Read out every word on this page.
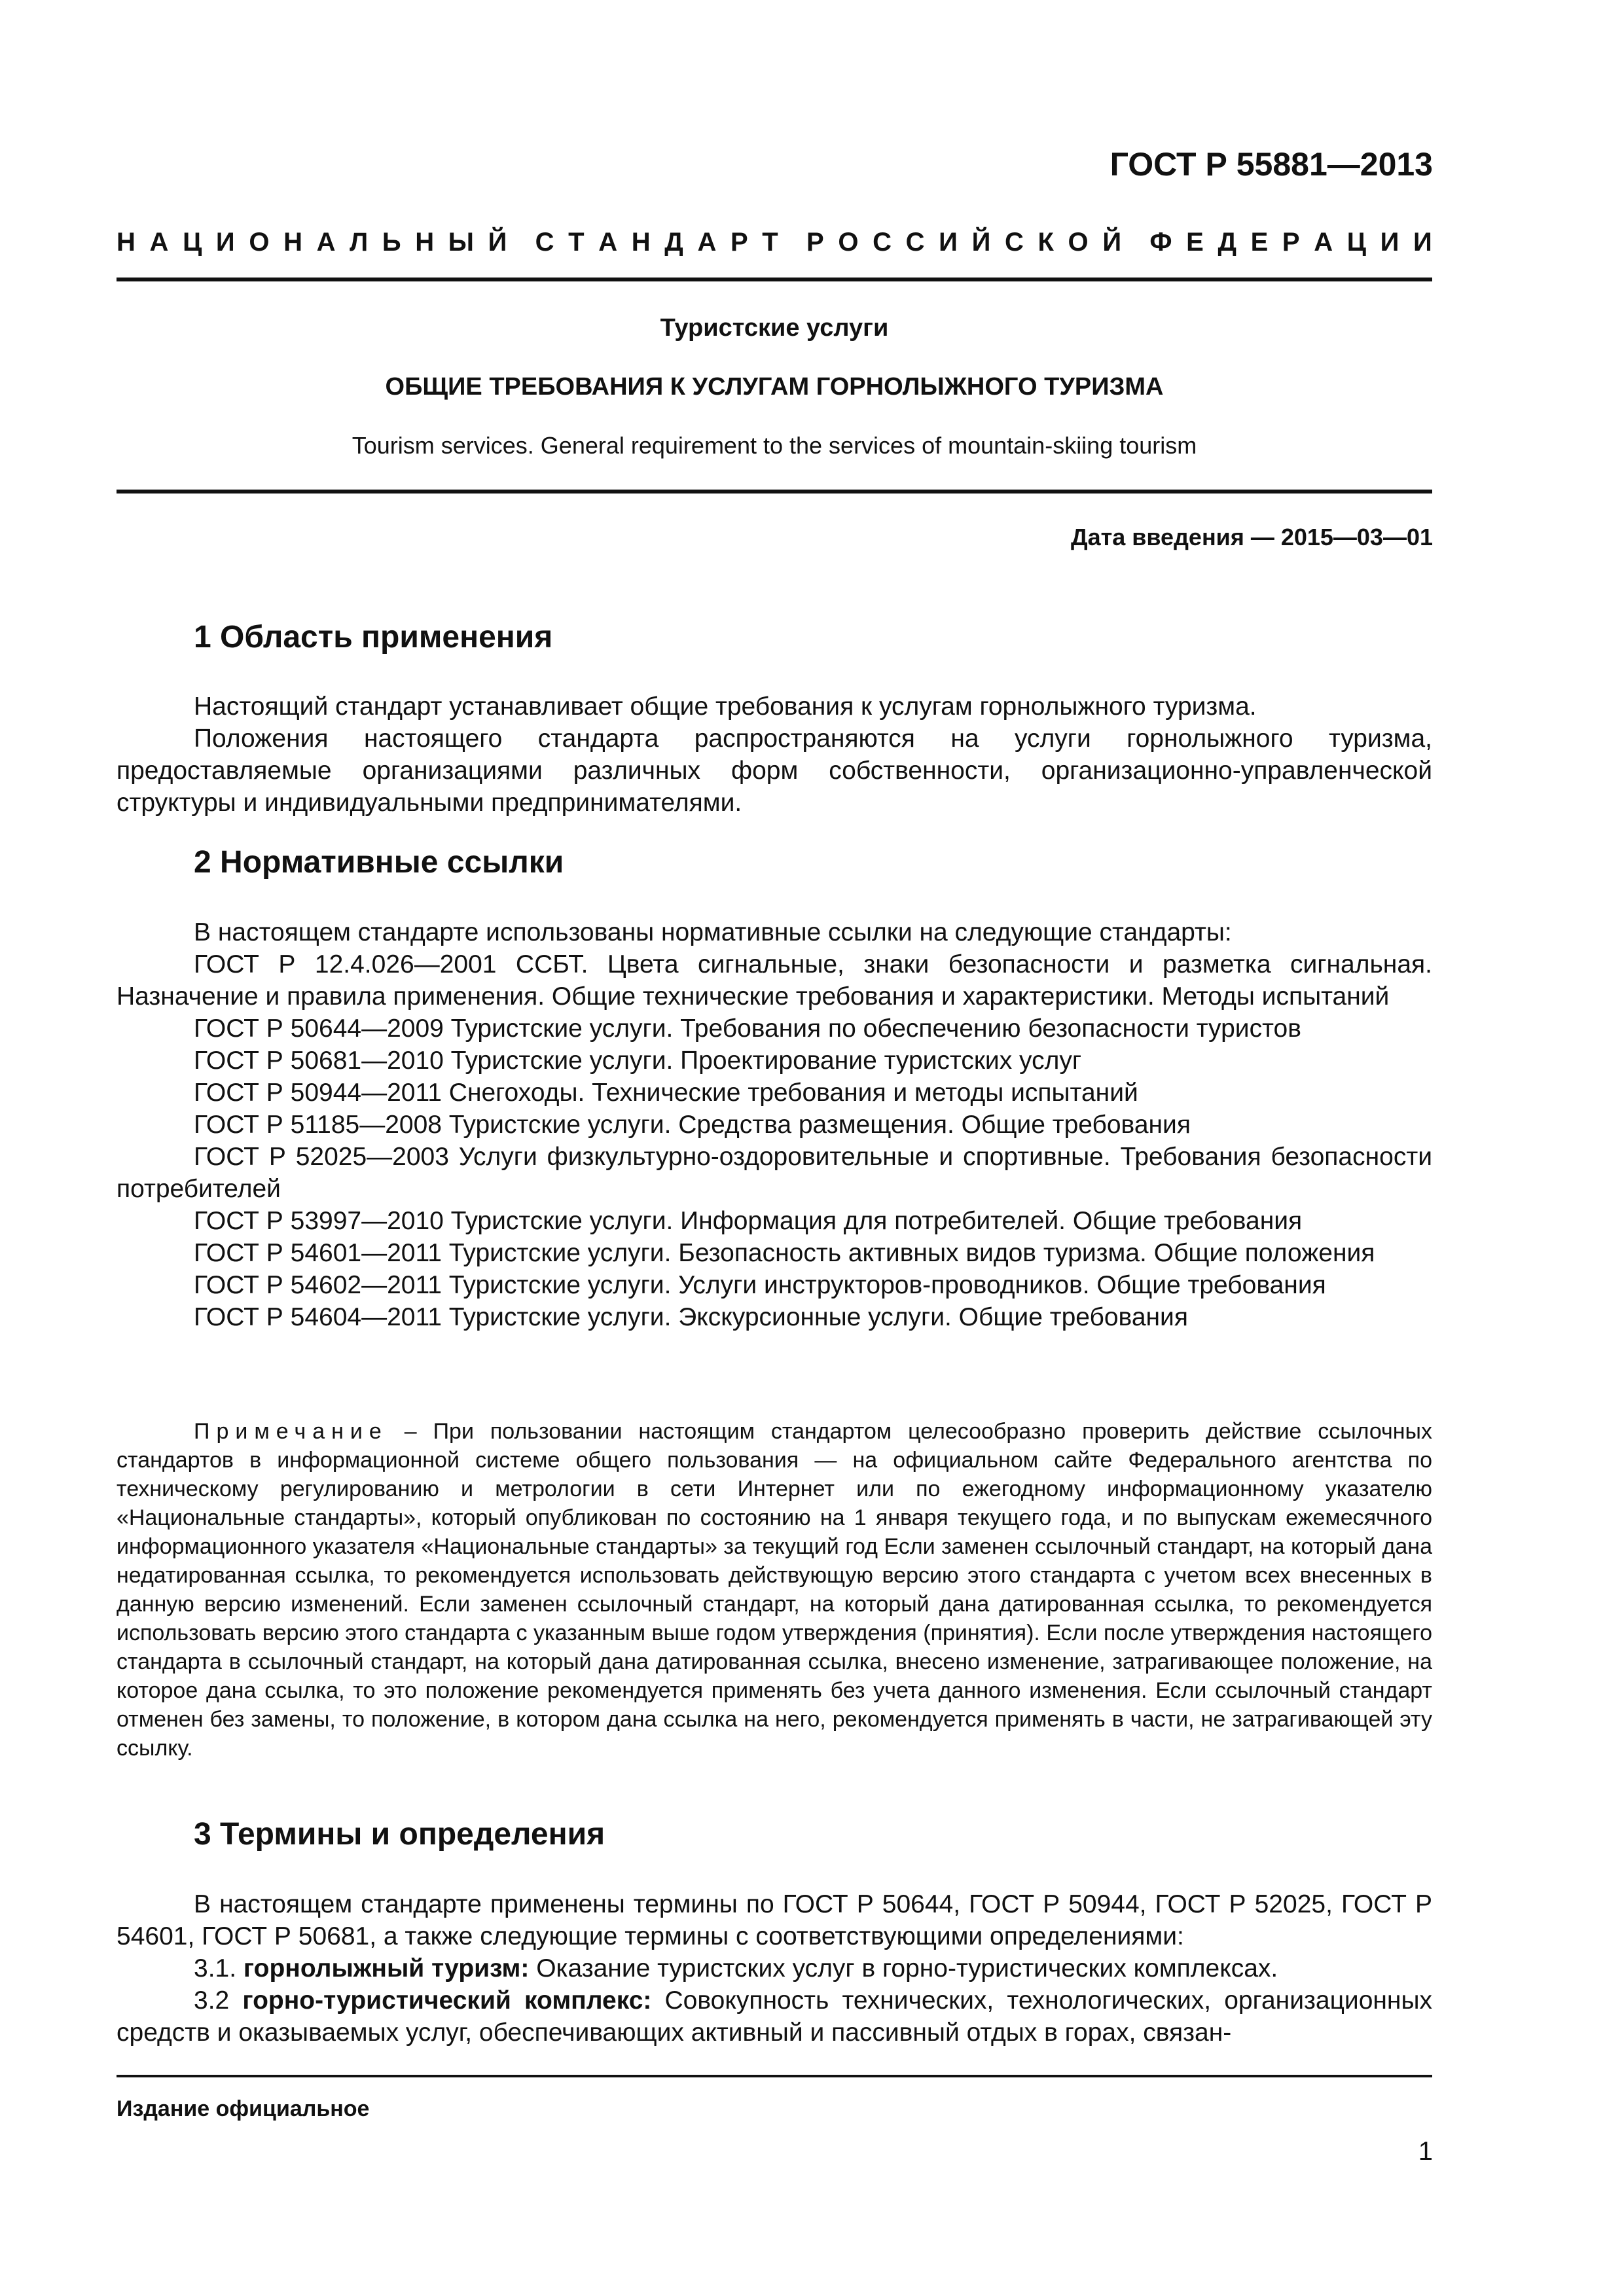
ГОСТ Р 55881—2013
Н А Ц И О Н А Л Ь Н Ы Й С Т А Н Д А Р Т Р О С С И Й С К О Й Ф Е Д Е Р А Ц И И
Туристские услуги
ОБЩИЕ ТРЕБОВАНИЯ К УСЛУГАМ ГОРНОЛЫЖНОГО ТУРИЗМА
Tourism services. General requirement to the services of mountain-skiing tourism
Дата введения — 2015—03—01
1 Область применения

Настоящий стандарт устанавливает общие требования к услугам горнолыжного туризма.

Положения настоящего стандарта распространяются на услуги горнолыжного туризма, предоставляемые организациями различных форм собственности, организационно-управленческой структуры и индивидуальными предпринимателями.

2 Нормативные ссылки

В настоящем стандарте использованы нормативные ссылки на следующие стандарты:

ГОСТ Р 12.4.026—2001 ССБТ. Цвета сигнальные, знаки безопасности и разметка сигнальная. Назначение и правила применения. Общие технические требования и характеристики. Методы испытаний

ГОСТ Р 50644—2009 Туристские услуги. Требования по обеспечению безопасности туристов

ГОСТ Р 50681—2010 Туристские услуги. Проектирование туристских услуг

ГОСТ Р 50944—2011 Снегоходы. Технические требования и методы испытаний

ГОСТ Р 51185—2008 Туристские услуги. Средства размещения. Общие требования

ГОСТ Р 52025—2003 Услуги физкультурно-оздоровительные и спортивные. Требования безопасности потребителей

ГОСТ Р 53997—2010 Туристские услуги. Информация для потребителей. Общие требования

ГОСТ Р 54601—2011 Туристские услуги. Безопасность активных видов туризма. Общие положения

ГОСТ Р 54602—2011 Туристские услуги. Услуги инструкторов-проводников. Общие требования

ГОСТ Р 54604—2011 Туристские услуги. Экскурсионные услуги. Общие требования

Примечание – При пользовании настоящим стандартом целесообразно проверить действие ссылочных стандартов в информационной системе общего пользования — на официальном сайте Федерального агентства по техническому регулированию и метрологии в сети Интернет или по ежегодному информационному указателю «Национальные стандарты», который опубликован по состоянию на 1 января текущего года, и по выпускам ежемесячного информационного указателя «Национальные стандарты» за текущий год Если заменен ссылочный стандарт, на который дана недатированная ссылка, то рекомендуется использовать действующую версию этого стандарта с учетом всех внесенных в данную версию изменений. Если заменен ссылочный стандарт, на который дана датированная ссылка, то рекомендуется использовать версию этого стандарта с указанным выше годом утверждения (принятия). Если после утверждения настоящего стандарта в ссылочный стандарт, на который дана датированная ссылка, внесено изменение, затрагивающее положение, на которое дана ссылка, то это положение рекомендуется применять без учета данного изменения. Если ссылочный стандарт отменен без замены, то положение, в котором дана ссылка на него, рекомендуется применять в части, не затрагивающей эту ссылку.

3 Термины и определения

В настоящем стандарте применены термины по ГОСТ Р 50644, ГОСТ Р 50944, ГОСТ Р 52025, ГОСТ Р 54601, ГОСТ Р 50681, а также следующие термины с соответствующими определениями:

3.1. горнолыжный туризм: Оказание туристских услуг в горно-туристических комплексах.

3.2 горно-туристический комплекс: Совокупность технических, технологических, организационных средств и оказываемых услуг, обеспечивающих активный и пассивный отдых в горах, связан-

Издание официальное
1
